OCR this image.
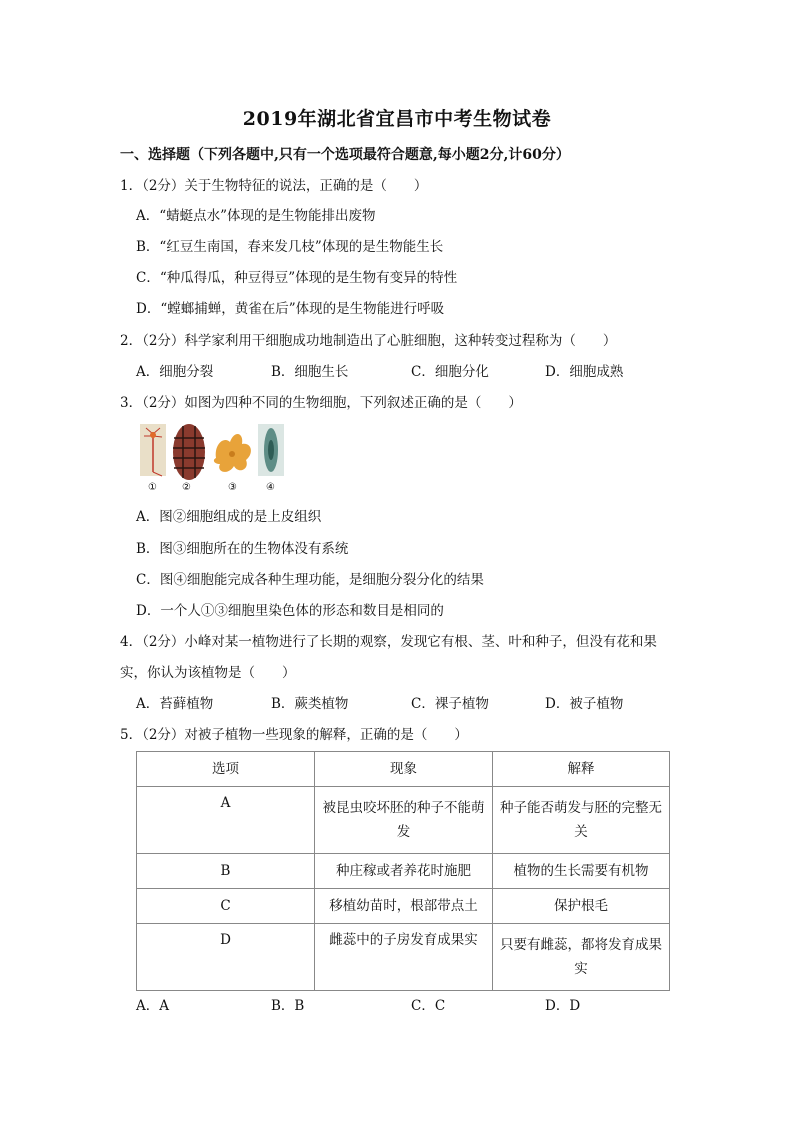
2019年湖北省宜昌市中考生物试卷
一、选择题（下列各题中,只有一个选项最符合题意,每小题2分,计60分）
1．（2分）关于生物特征的说法，正确的是（　　）
A．“蜻蜓点水”体现的是生物能排出废物
B．“红豆生南国，春来发几枝”体现的是生物能生长
C．“种瓜得瓜，种豆得豆”体现的是生物有变异的特性
D．“螳螂捕蝉，黄雀在后”体现的是生物能进行呼吸
2．（2分）科学家利用干细胞成功地制造出了心脏细胞，这种转变过程称为（　　）
A．细胞分裂	B．细胞生长	C．细胞分化	D．细胞成熟
3．（2分）如图为四种不同的生物细胞，下列叙述正确的是（　　）
①	②	③	④
A．图②细胞组成的是上皮组织
B．图③细胞所在的生物体没有系统
C．图④细胞能完成各种生理功能，是细胞分裂分化的结果
D．一个人①③细胞里染色体的形态和数目是相同的
4．（2分）小峰对某一植物进行了长期的观察，发现它有根、茎、叶和种子，但没有花和果
实，你认为该植物是（　　）
A．苔藓植物	B．蕨类植物	C．裸子植物	D．被子植物
5．（2分）对被子植物一些现象的解释，正确的是（　　）
选项	现象	解释
A	被昆虫咬坏胚的种子不能萌发	种子能否萌发与胚的完整无关
B	种庄稼或者养花时施肥	植物的生长需要有机物
C	移植幼苗时，根部带点土	保护根毛
D	雌蕊中的子房发育成果实	只要有雌蕊，都将发育成果实
A．A	B．B	C．C	D．D
